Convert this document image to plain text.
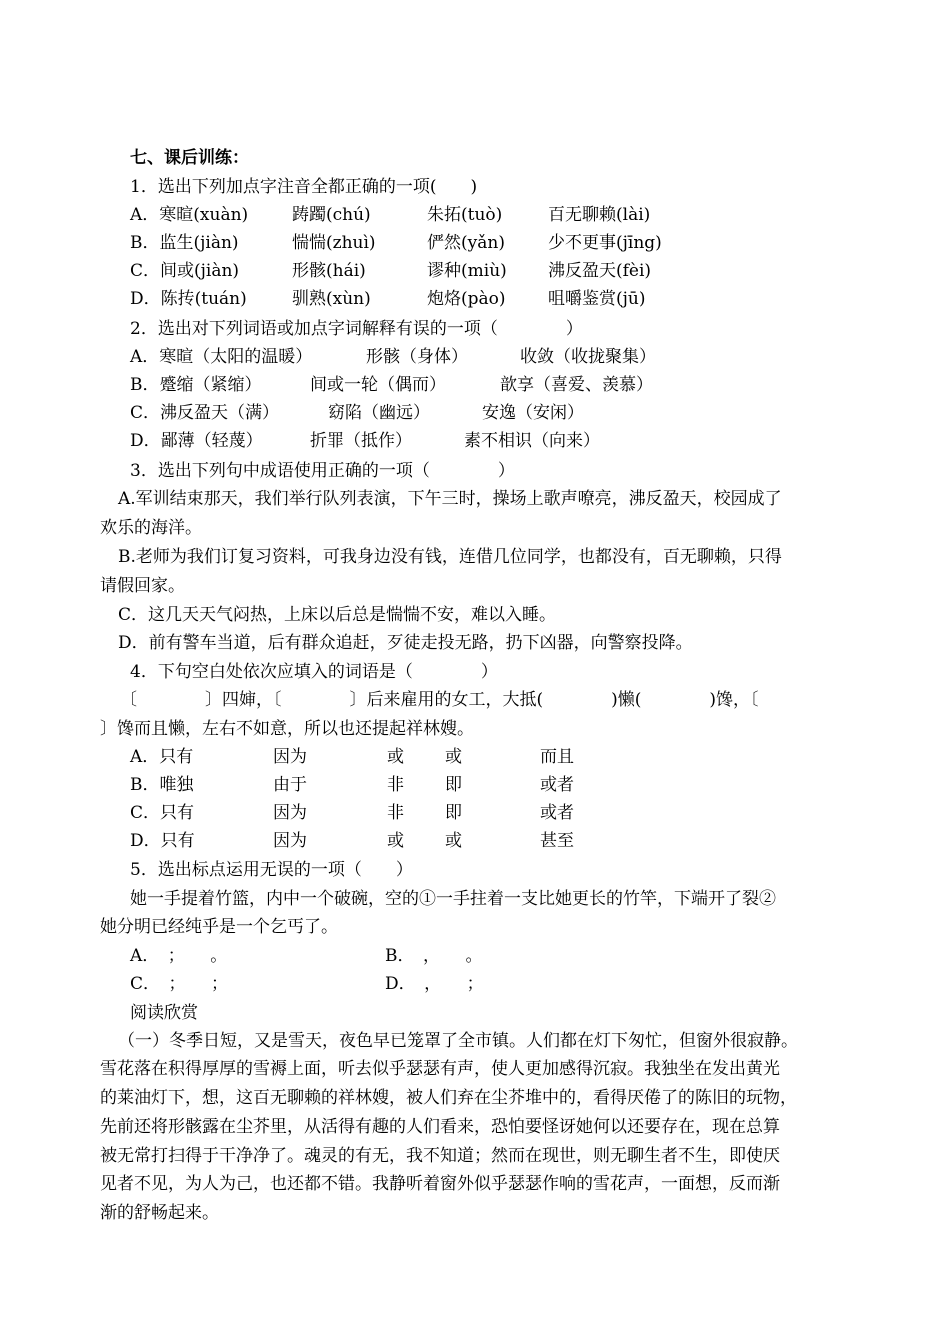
七、课后训练：
1．选出下列加点字注音全都正确的一项(　　)
A．寒暄(xuàn)	踌躅(chú)	朱拓(tuò)	百无聊赖(lài)
B．监生(jiàn)	惴惴(zhuì)	俨然(yǎn)	少不更事(jīng)
C．间或(jiàn)	形骸(hái)	谬种(miù) 沸反盈天(fèi)
D．陈抟(tuán)	驯熟(xùn)	炮烙(pào) 咀嚼鉴赏(jū)
2．选出对下列词语或加点字词解释有误的一项（　　　　）
A．寒暄（太阳的温暖）	形骸（身体）	收敛（收拢聚集）
B．蹙缩（紧缩）	间或一轮（偶而）	歆享（喜爱、羡慕）
C．沸反盈天（满）	窈陷（幽远）	安逸（安闲）
D．鄙薄（轻蔑）	折罪（抵作）	素不相识（向来）
3．选出下列句中成语使用正确的一项（　　　　）
A.军训结束那天，我们举行队列表演，下午三时，操场上歌声嘹亮，沸反盈天，校园成了
欢乐的海洋。
B.老师为我们订复习资料，可我身边没有钱，连借几位同学，也都没有，百无聊赖，只得
请假回家。
C．这几天天气闷热，上床以后总是惴惴不安，难以入睡。
D．前有警车当道，后有群众追赶，歹徒走投无路，扔下凶器，向警察投降。
4．下句空白处依次应填入的词语是（　　　　）
〔　　　　〕四婶，〔　　　　〕后来雇用的女工，大抵(　　　　)懒(　　　　)馋，〔
〕馋而且懒，左右不如意，所以也还提起祥林嫂。
A．只有	因为	或 或	而且
B．唯独	由于	非 即	或者
C．只有	因为	非 即	或者
D．只有	因为	或 或	甚至
5．选出标点运用无误的一项（　　）
她一手提着竹篮，内中一个破碗，空的①一手拄着一支比她更长的竹竿，下端开了裂②
她分明已经纯乎是一个乞丐了。
A．　；　　。	B．　，　　。
C．　；　　；	D．　，　　；
阅读欣赏
（一）冬季日短，又是雪天，夜色早已笼罩了全市镇。人们都在灯下匆忙，但窗外很寂静。
雪花落在积得厚厚的雪褥上面，听去似乎瑟瑟有声，使人更加感得沉寂。我独坐在发出黄光
的莱油灯下，想，这百无聊赖的祥林嫂，被人们弃在尘芥堆中的，看得厌倦了的陈旧的玩物，
先前还将形骸露在尘芥里，从活得有趣的人们看来，恐怕要怪讶她何以还要存在，现在总算
被无常打扫得于干净净了。魂灵的有无，我不知道；然而在现世，则无聊生者不生，即使厌
见者不见，为人为己，也还都不错。我静听着窗外似乎瑟瑟作响的雪花声，一面想，反而渐
渐的舒畅起来。
